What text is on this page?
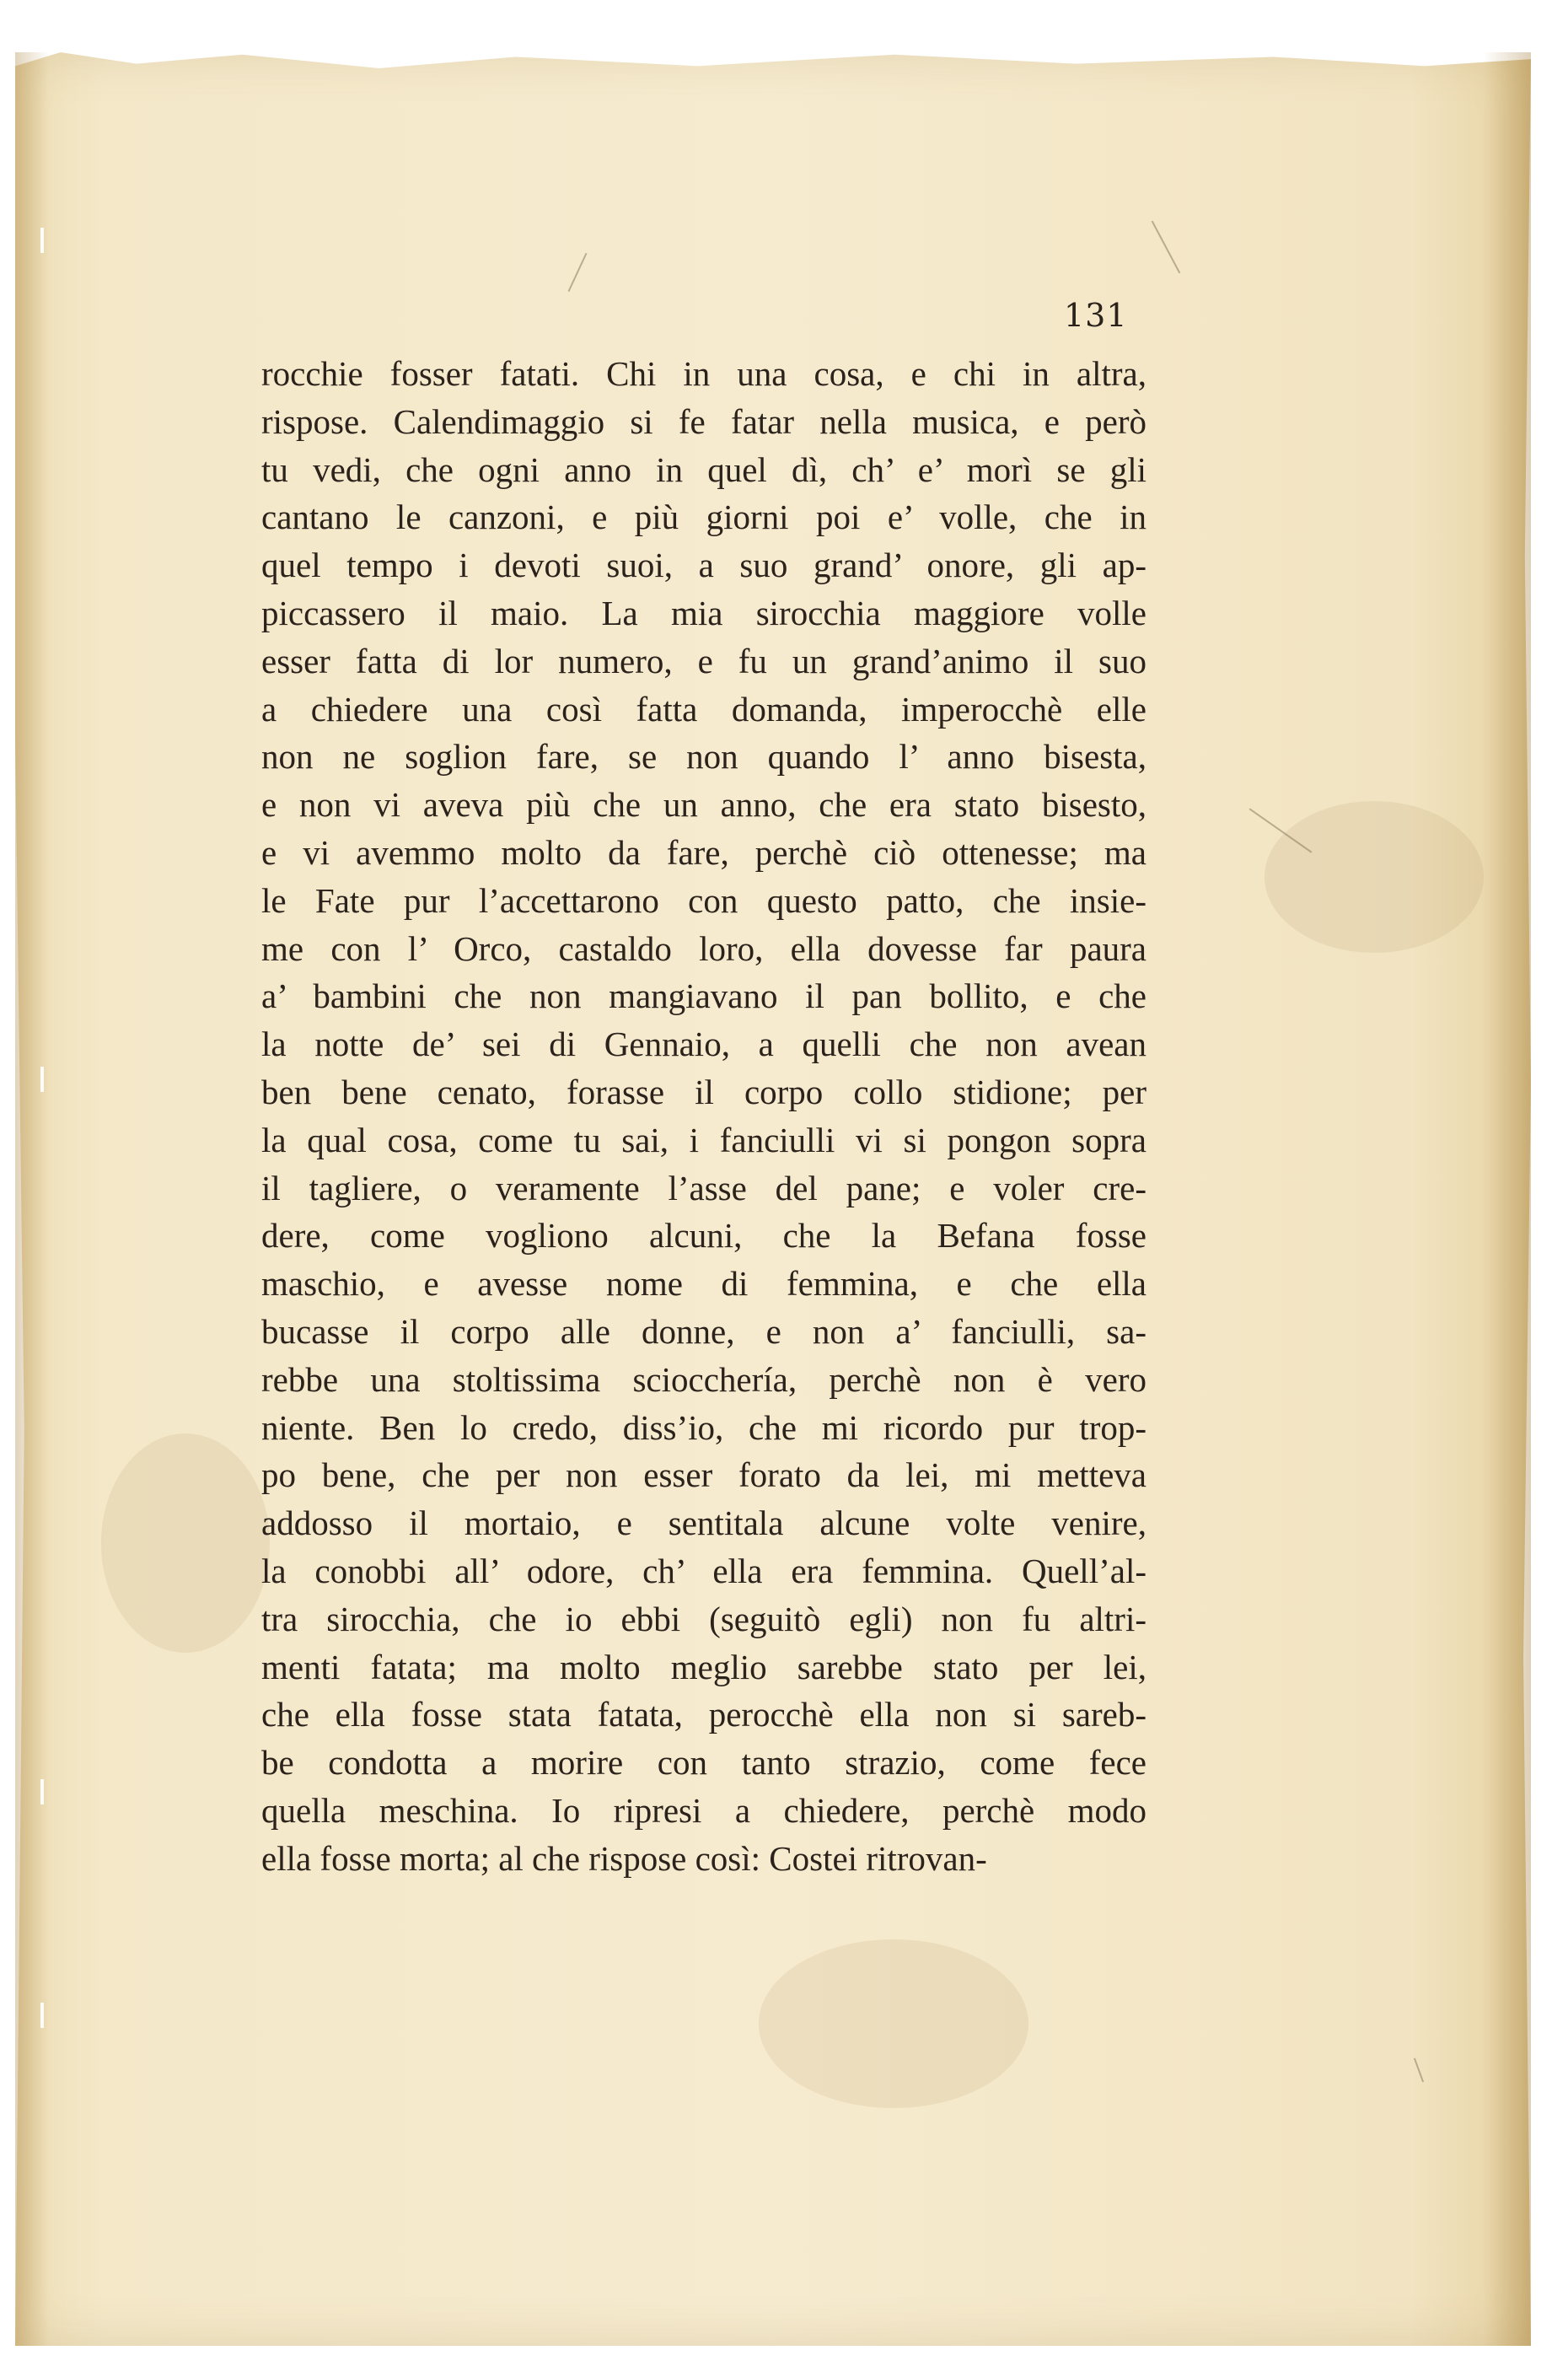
131
rocchie fosser fatati. Chi in una cosa, e chi in altra,
rispose. Calendimaggio si fe fatar nella musica, e però
tu vedi, che ogni anno in quel dì, ch’ e’ morì se gli
cantano le canzoni, e più giorni poi e’ volle, che in
quel tempo i devoti suoi, a suo grand’ onore, gli ap-
piccassero il maio. La mia sirocchia maggiore volle
esser fatta di lor numero, e fu un grand’animo il suo
a chiedere una così fatta domanda, imperocchè elle
non ne soglion fare, se non quando l’ anno bisesta,
e non vi aveva più che un anno, che era stato bisesto,
e vi avemmo molto da fare, perchè ciò ottenesse; ma
le Fate pur l’accettarono con questo patto, che insie-
me con l’ Orco, castaldo loro, ella dovesse far paura
a’ bambini che non mangiavano il pan bollito, e che
la notte de’ sei di Gennaio, a quelli che non avean
ben bene cenato, forasse il corpo collo stidione; per
la qual cosa, come tu sai, i fanciulli vi si pongon sopra
il tagliere, o veramente l’asse del pane; e voler cre-
dere, come vogliono alcuni, che la Befana fosse
maschio, e avesse nome di femmina, e che ella
bucasse il corpo alle donne, e non a’ fanciulli, sa-
rebbe una stoltissima sciocchería, perchè non è vero
niente. Ben lo credo, diss’io, che mi ricordo pur trop-
po bene, che per non esser forato da lei, mi metteva
addosso il mortaio, e sentitala alcune volte venire,
la conobbi all’ odore, ch’ ella era femmina. Quell’al-
tra sirocchia, che io ebbi (seguitò egli) non fu altri-
menti fatata; ma molto meglio sarebbe stato per lei,
che ella fosse stata fatata, perocchè ella non si sareb-
be condotta a morire con tanto strazio, come fece
quella meschina. Io ripresi a chiedere, perchè modo
ella fosse morta; al che rispose così: Costei ritrovan-
